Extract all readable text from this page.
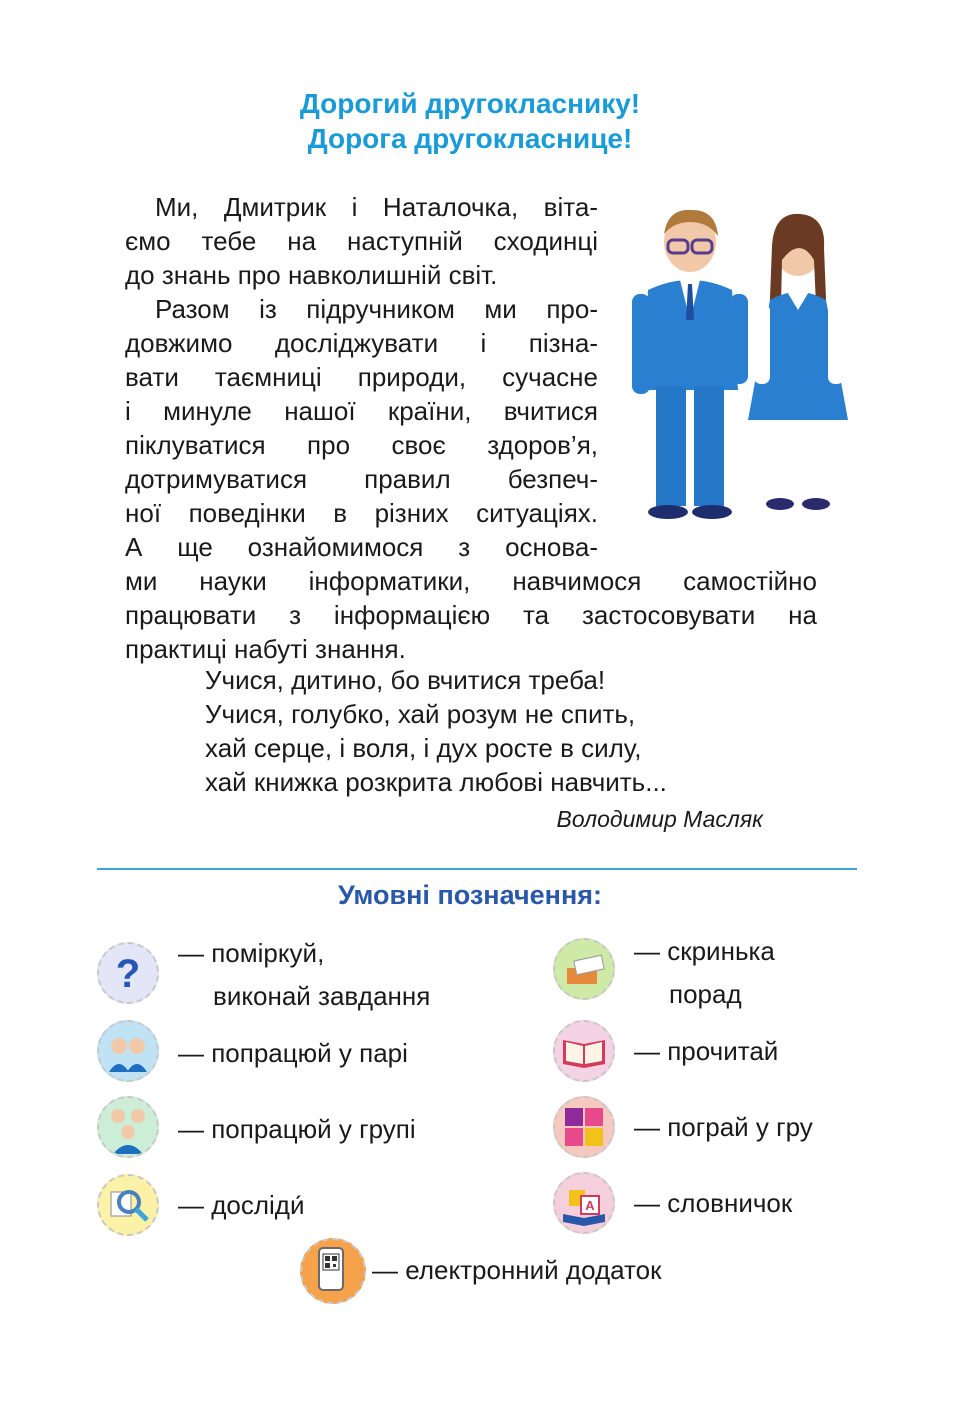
Дорогий другокласнику!
Дорога другокласнице!
Ми, Дмитрик і Наталочка, віта-
ємо тебе на наступній сходинці
до знань про навколишній світ.
Разом із підручником ми про-
довжимо досліджувати і пізна-
вати таємниці природи, сучасне
і минуле нашої країни, вчитися
піклуватися про своє здоров’я,
дотримуватися правил безпеч-
ної поведінки в різних ситуаціях.
А ще ознайомимося з основа-
ми науки інформатики, навчимося самостійно
працювати з інформацією та застосовувати на
практиці набуті знання.
Учися, дитино, бо вчитися треба!
Учися, голубко, хай розум не спить,
хай серце, і воля, і дух росте в силу,
хай книжка розкрита любові навчить...
Володимир Масляк
Умовні позначення:
? — поміркуй,
виконай завдання
— попрацюй у парі
— попрацюй у групі
— досліди́
— скринька
порад
— прочитай
— пограй у гру
A — словничок
— електронний додаток
